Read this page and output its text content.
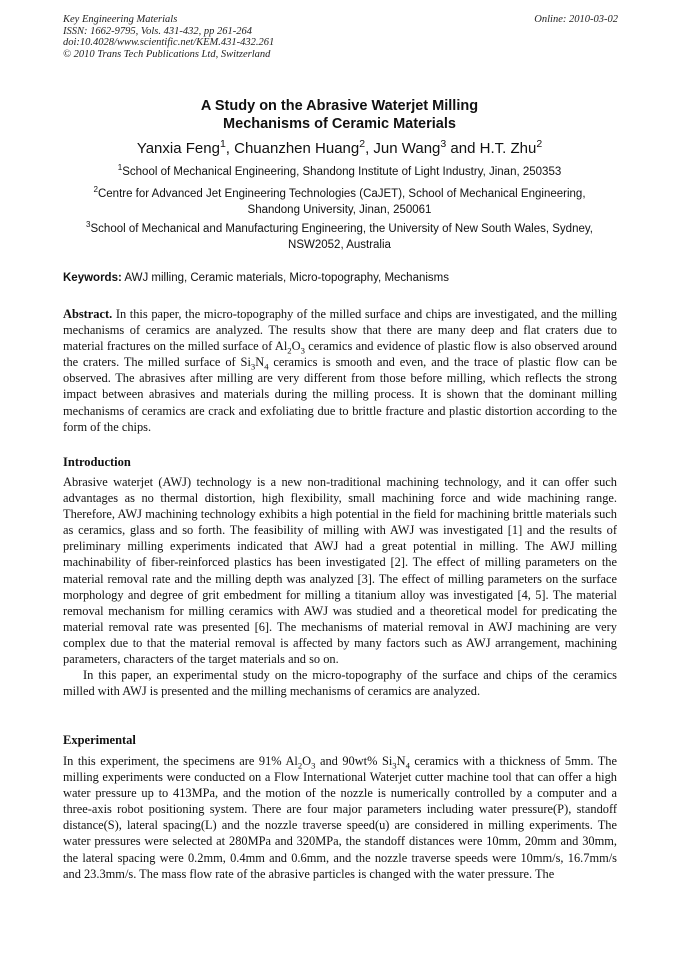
Key Engineering Materials
ISSN: 1662-9795, Vols. 431-432, pp 261-264
doi:10.4028/www.scientific.net/KEM.431-432.261
© 2010 Trans Tech Publications Ltd, Switzerland
Online: 2010-03-02
A Study on the Abrasive Waterjet Milling
Mechanisms of Ceramic Materials
Yanxia Feng$^1$, Chuanzhen Huang$^2$, Jun Wang$^3$ and H.T. Zhu$^2$
$^1$School of Mechanical Engineering, Shandong Institute of Light Industry, Jinan, 250353
$^2$Centre for Advanced Jet Engineering Technologies (CaJET), School of Mechanical Engineering,
Shandong University, Jinan, 250061
$^3$School of Mechanical and Manufacturing Engineering, the University of New South Wales, Sydney,
NSW2052, Australia
Keywords: AWJ milling, Ceramic materials, Micro-topography, Mechanisms
Abstract. In this paper, the micro-topography of the milled surface and chips are investigated, and the milling mechanisms of ceramics are analyzed. The results show that there are many deep and flat craters due to material fractures on the milled surface of $Al_2O_3$ ceramics and evidence of plastic flow is also observed around the craters. The milled surface of $Si_3N_4$ ceramics is smooth and even, and the trace of plastic flow can be observed. The abrasives after milling are very different from those before milling, which reflects the strong impact between abrasives and materials during the milling process. It is shown that the dominant milling mechanisms of ceramics are crack and exfoliating due to brittle fracture and plastic distortion according to the form of the chips.
Introduction
Abrasive waterjet (AWJ) technology is a new non-traditional machining technology, and it can offer such advantages as no thermal distortion, high flexibility, small machining force and wide machining range. Therefore, AWJ machining technology exhibits a high potential in the field for machining brittle materials such as ceramics, glass and so forth. The feasibility of milling with AWJ was investigated [1] and the results of preliminary milling experiments indicated that AWJ had a great potential in milling. The AWJ milling machinability of fiber-reinforced plastics has been investigated [2]. The effect of milling parameters on the material removal rate and the milling depth was analyzed [3]. The effect of milling parameters on the surface morphology and degree of grit embedment for milling a titanium alloy was investigated [4, 5]. The material removal mechanism for milling ceramics with AWJ was studied and a theoretical model for predicating the material removal rate was presented [6]. The mechanisms of material removal in AWJ machining are very complex due to that the material removal is affected by many factors such as AWJ arrangement, machining parameters, characters of the target materials and so on.
In this paper, an experimental study on the micro-topography of the surface and chips of the ceramics milled with AWJ is presented and the milling mechanisms of ceramics are analyzed.
Experimental
In this experiment, the specimens are 91% $Al_2O_3$ and 90wt% $Si_3N_4$ ceramics with a thickness of 5mm. The milling experiments were conducted on a Flow International Waterjet cutter machine tool that can offer a high water pressure up to 413MPa, and the motion of the nozzle is numerically controlled by a computer and a three-axis robot positioning system. There are four major parameters including water pressure(P), standoff distance(S), lateral spacing(L) and the nozzle traverse speed(u) are considered in milling experiments. The water pressures were selected at 280MPa and 320MPa, the standoff distances were 10mm, 20mm and 30mm, the lateral spacing were 0.2mm, 0.4mm and 0.6mm, and the nozzle traverse speeds were 10mm/s, 16.7mm/s and 23.3mm/s. The mass flow rate of the abrasive particles is changed with the water pressure. The
